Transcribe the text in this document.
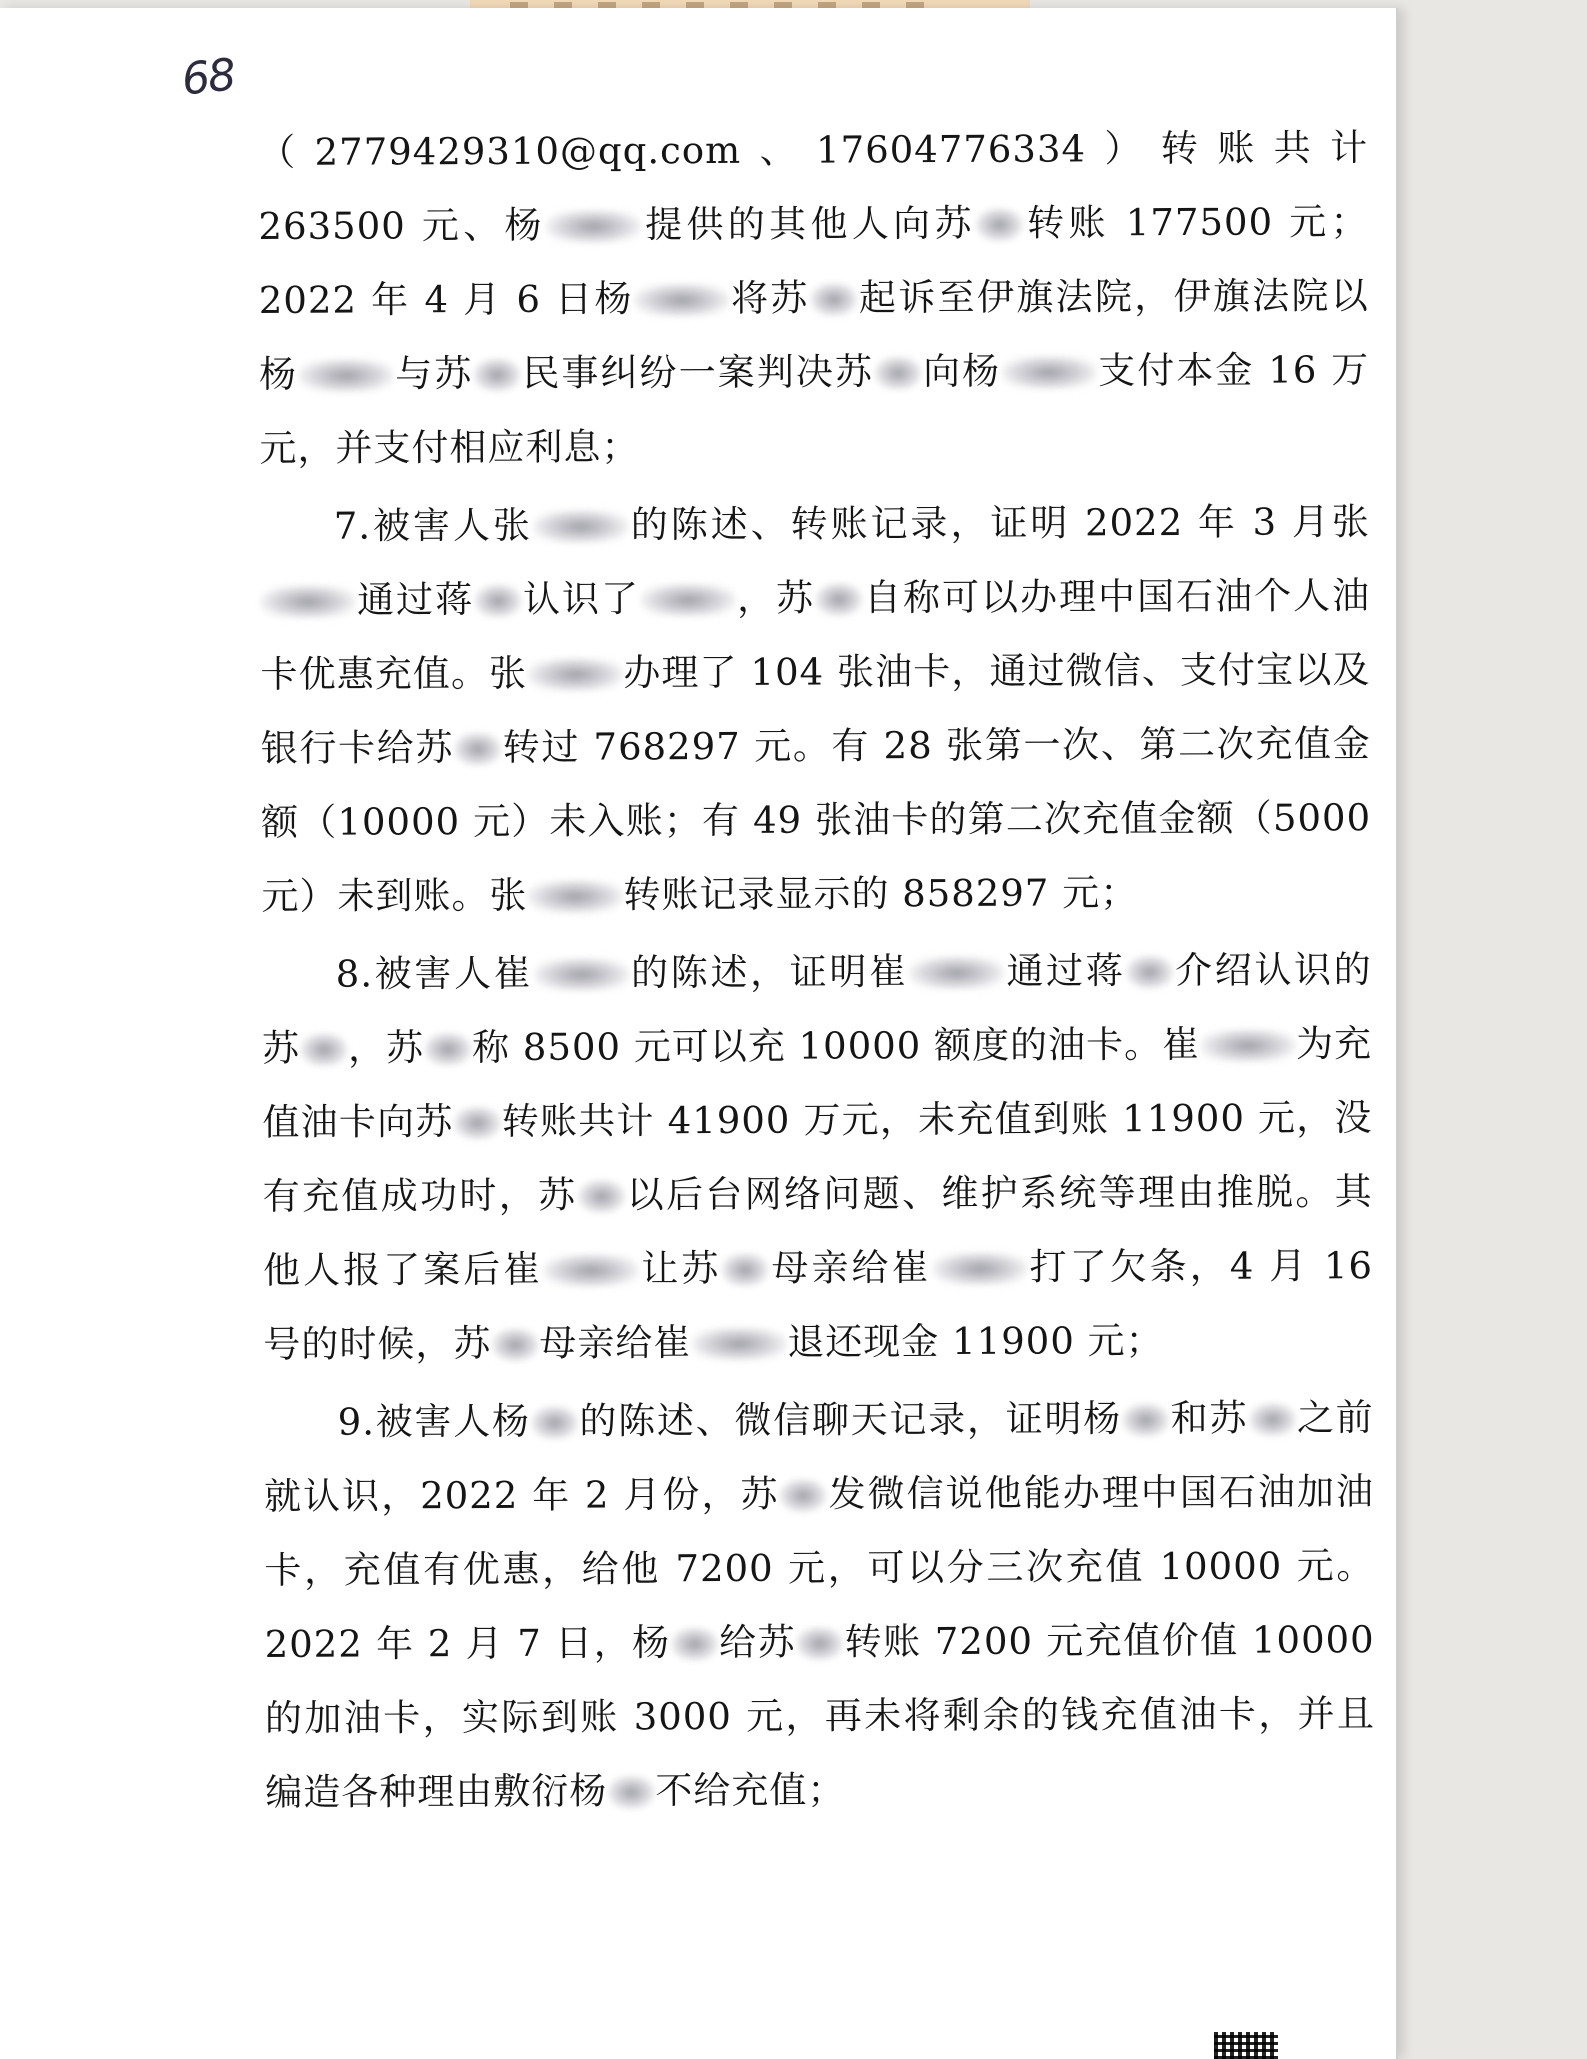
68

（2779429310@qq.com、17604776334）转账共计 263500 元、杨	提供的其他人向苏 转账 177500 元；2022 年 4 月 6 日杨	将苏 起诉至伊旗法院，伊旗法院以杨	与苏 民事纠纷一案判决苏 向杨	支付本金 16 万元，并支付相应利息；

7.被害人张	的陈述、转账记录，证明 2022 年 3 月张通过蒋 认识了	，苏 自称可以办理中国石油个人油卡优惠充值。张	办理了 104 张油卡，通过微信、支付宝以及银行卡给苏 转过 768297 元。有 28 张第一次、第二次充值金额（10000 元）未入账；有 49 张油卡的第二次充值金额（5000 元）未到账。张	转账记录显示的 858297 元；

8.被害人崔	的陈述，证明崔	通过蒋 介绍认识的苏 ，苏 称 8500 元可以充 10000 额度的油卡。崔	为充值油卡向苏 转账共计 41900 万元，未充值到账 11900 元，没有充值成功时，苏 以后台网络问题、维护系统等理由推脱。其他人报了案后崔	让苏 母亲给崔	打了欠条，4 月 16 号的时候，苏 母亲给崔	退还现金 11900 元；

9.被害人杨 的陈述、微信聊天记录，证明杨 和苏 之前就认识，2022 年 2 月份，苏 发微信说他能办理中国石油加油卡，充值有优惠，给他 7200 元，可以分三次充值 10000 元。2022 年 2 月 7 日，杨 给苏 转账 7200 元充值价值 10000 的加油卡，实际到账 3000 元，再未将剩余的钱充值油卡，并且编造各种理由敷衍杨 不给充值；
